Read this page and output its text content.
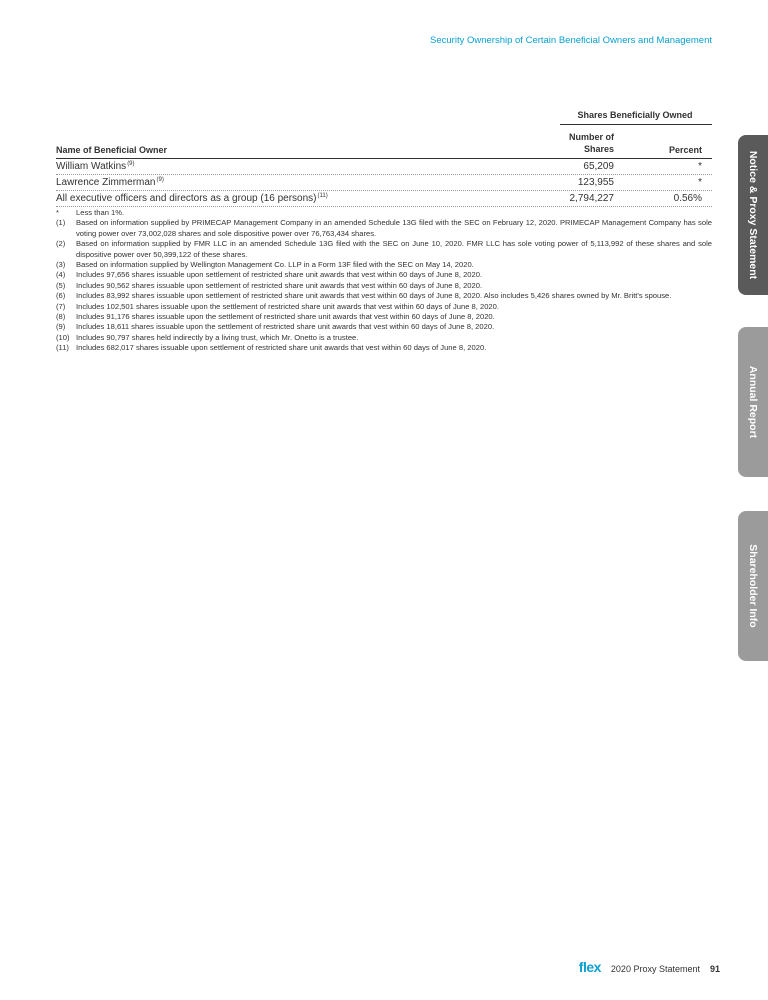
Security Ownership of Certain Beneficial Owners and Management
Shares Beneficially Owned
Name of Beneficial Owner
Number of
Shares	Percent
William Watkins$^{(9)}$	65,209	*
Lawrence Zimmerman$^{(9)}$	123,955	*
All executive officers and directors as a group (16 persons)$^{(11)}$	2,794,227	0.56%
*	Less than 1%.
(1)	Based on information supplied by PRIMECAP Management Company in an amended Schedule 13G filed with the SEC on February 12, 2020. PRIMECAP Management Company has sole voting power over 73,002,028 shares and sole dispositive power over 76,763,434 shares.
(2)	Based on information supplied by FMR LLC in an amended Schedule 13G filed with the SEC on June 10, 2020. FMR LLC has sole voting power of 5,113,992 of these shares and sole dispositive power over 50,399,122 of these shares.
(3)	Based on information supplied by Wellington Management Co. LLP in a Form 13F filed with the SEC on May 14, 2020.
(4)	Includes 97,656 shares issuable upon settlement of restricted share unit awards that vest within 60 days of June 8, 2020.
(5)	Includes 90,562 shares issuable upon settlement of restricted share unit awards that vest within 60 days of June 8, 2020.
(6)	Includes 83,992 shares issuable upon settlement of restricted share unit awards that vest within 60 days of June 8, 2020. Also includes 5,426 shares owned by Mr. Britt's spouse.
(7)	Includes 102,501 shares issuable upon the settlement of restricted share unit awards that vest within 60 days of June 8, 2020.
(8)	Includes 91,176 shares issuable upon the settlement of restricted share unit awards that vest within 60 days of June 8, 2020.
(9)	Includes 18,611 shares issuable upon the settlement of restricted share unit awards that vest within 60 days of June 8, 2020.
(10) Includes 90,797 shares held indirectly by a living trust, which Mr. Onetto is a trustee.
(11) Includes 682,017 shares issuable upon settlement of restricted share unit awards that vest within 60 days of June 8, 2020.
Notice & Proxy Statement
Annual Report
Shareholder Info
flex 2020 Proxy Statement 91
